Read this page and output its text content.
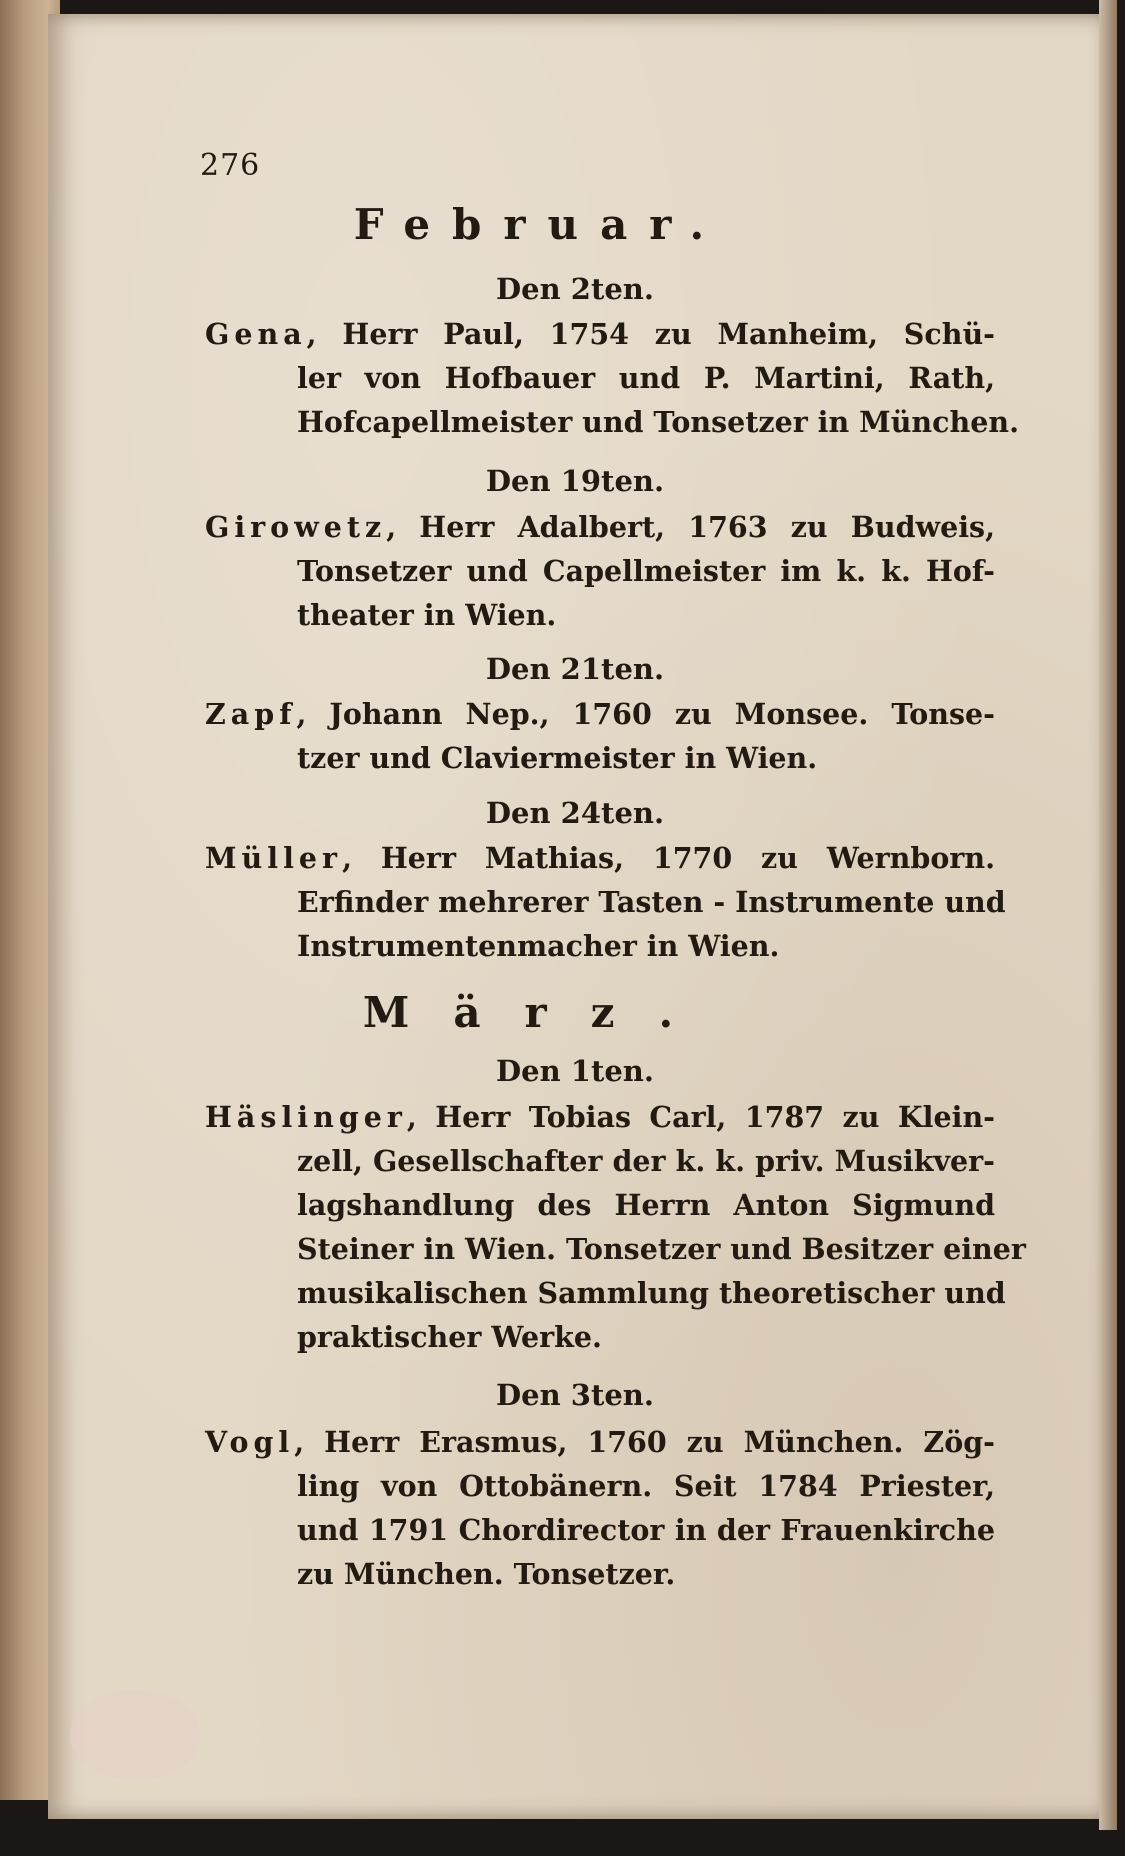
276
Februar.
Den 2ten.
Gena, Herr Paul, 1754 zu Manheim, Schü-
ler von Hofbauer und P. Martini, Rath,
Hofcapellmeister und Tonsetzer in München.
Den 19ten.
Girowetz, Herr Adalbert, 1763 zu Budweis,
Tonsetzer und Capellmeister im k. k. Hof-
theater in Wien.
Den 21ten.
Zapf, Johann Nep., 1760 zu Monsee. Tonse-
tzer und Claviermeister in Wien.
Den 24ten.
Müller, Herr Mathias, 1770 zu Wernborn.
Erfinder mehrerer Tasten - Instrumente und
Instrumentenmacher in Wien.
März.
Den 1ten.
Häslinger, Herr Tobias Carl, 1787 zu Klein-
zell, Gesellschafter der k. k. priv. Musikver-
lagshandlung des Herrn Anton Sigmund
Steiner in Wien. Tonsetzer und Besitzer einer
musikalischen Sammlung theoretischer und
praktischer Werke.
Den 3ten.
Vogl, Herr Erasmus, 1760 zu München. Zög-
ling von Ottobänern. Seit 1784 Priester,
und 1791 Chordirector in der Frauenkirche
zu München. Tonsetzer.
